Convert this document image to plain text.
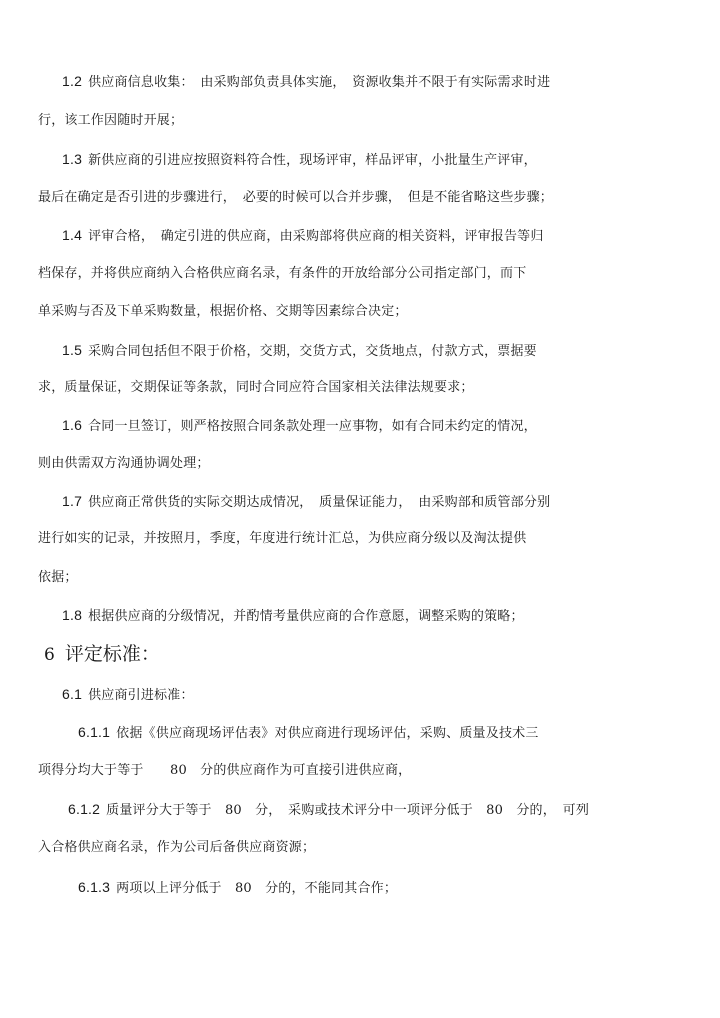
1.2 供应商信息收集：　由采购部负责具体实施，　资源收集并不限于有实际需求时进
行，该工作因随时开展；
1.3 新供应商的引进应按照资料符合性，现场评审，样品评审，小批量生产评审，
最后在确定是否引进的步骤进行，　必要的时候可以合并步骤，　但是不能省略这些步骤；
1.4 评审合格，　确定引进的供应商，由采购部将供应商的相关资料，评审报告等归
档保存，并将供应商纳入合格供应商名录，有条件的开放给部分公司指定部门，而下
单采购与否及下单采购数量，根据价格、交期等因素综合决定；
1.5 采购合同包括但不限于价格，交期，交货方式，交货地点，付款方式，票据要
求，质量保证，交期保证等条款，同时合同应符合国家相关法律法规要求；
1.6 合同一旦签订，则严格按照合同条款处理一应事物，如有合同未约定的情况，
则由供需双方沟通协调处理；
1.7 供应商正常供货的实际交期达成情况，　质量保证能力，　由采购部和质管部分别
进行如实的记录，并按照月，季度，年度进行统计汇总，为供应商分级以及淘汰提供
依据；
1.8 根据供应商的分级情况，并酌情考量供应商的合作意愿，调整采购的策略；
6 评定标准：
6.1 供应商引进标准：
6.1.1 依据《供应商现场评估表》对供应商进行现场评估，采购、质量及技术三
项得分均大于等于　　80　分的供应商作为可直接引进供应商，
6.1.2 质量评分大于等于　80　分，　采购或技术评分中一项评分低于　80　分的，　可列
入合格供应商名录，作为公司后备供应商资源；
6.1.3 两项以上评分低于　80　分的，不能同其合作；
